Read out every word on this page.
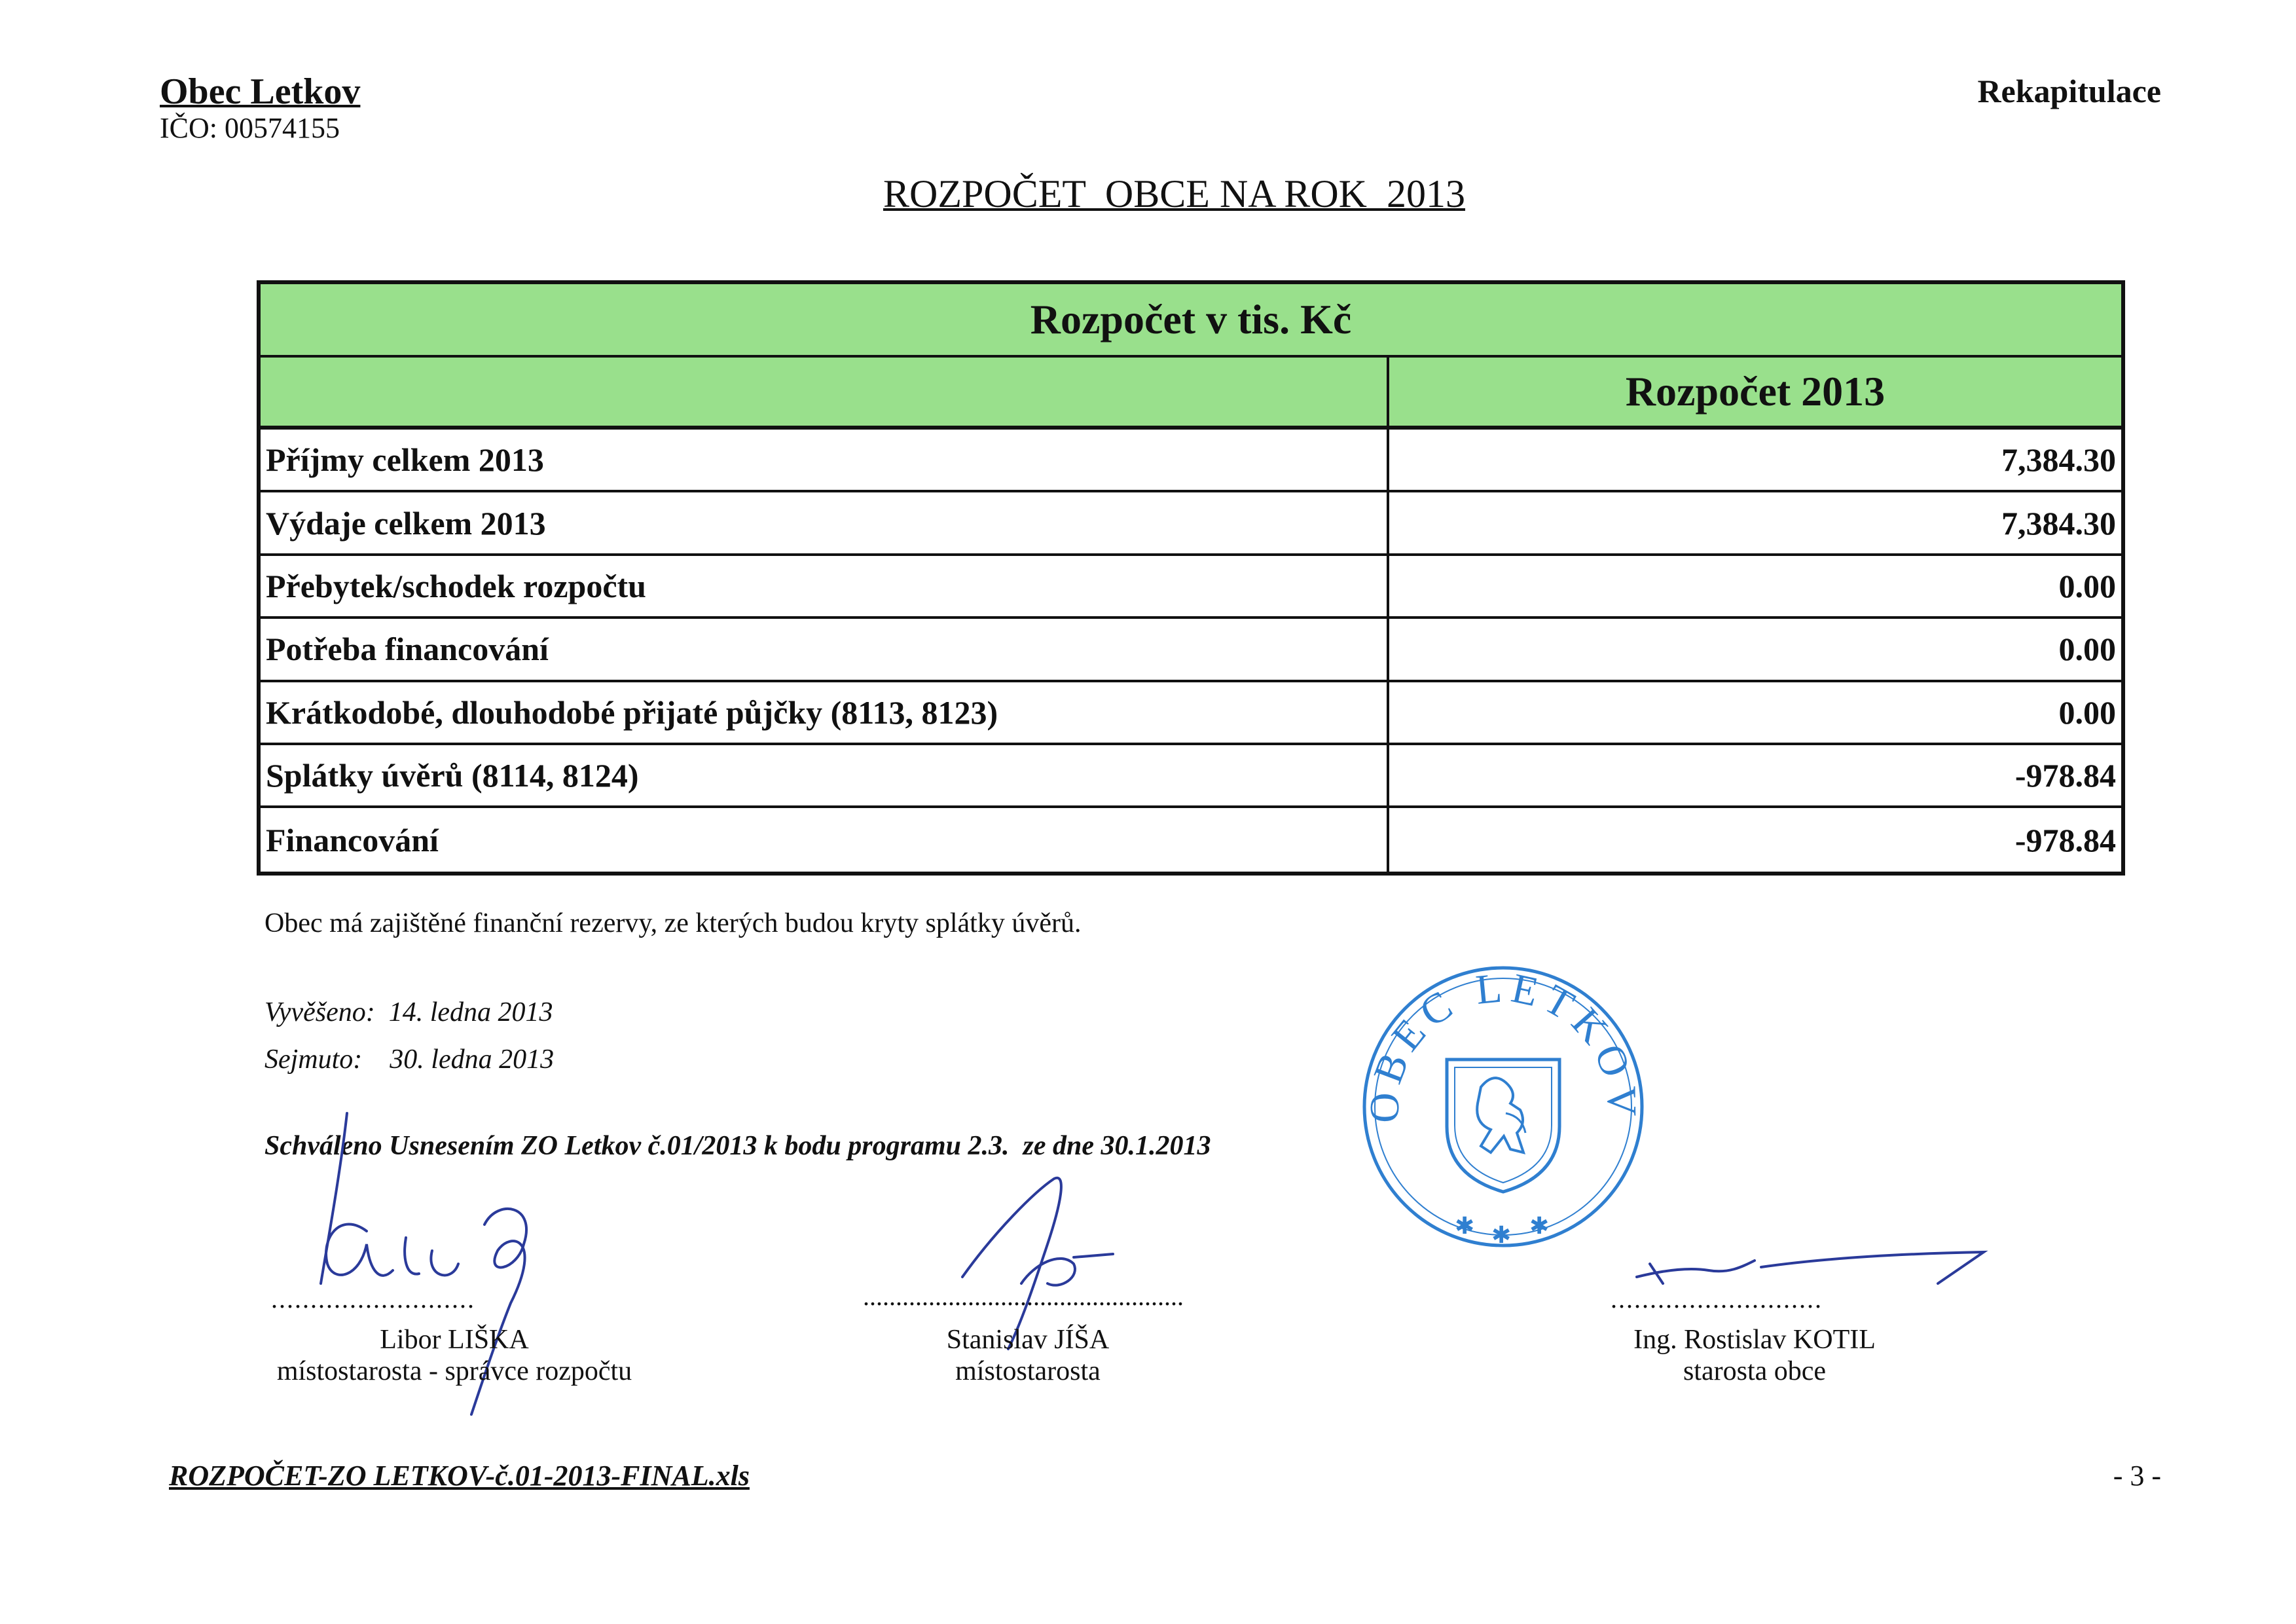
Obec Letkov
IČO: 00574155
Rekapitulace
ROZPOČET  OBCE NA ROK  2013
Rozpočet v tis. Kč
Rozpočet 2013
Příjmy celkem 2013	7,384.30
Výdaje celkem 2013	7,384.30
Přebytek/schodek rozpočtu	0.00
Potřeba financování	0.00
Krátkodobé, dlouhodobé přijaté půjčky (8113, 8123)	0.00
Splátky úvěrů (8114, 8124)	-978.84
Financování	-978.84
Obec má zajištěné finanční rezervy, ze kterých budou kryty splátky úvěrů.
Vyvěšeno:  14. ledna 2013
Sejmuto:    30. ledna 2013
Schváleno Usnesením ZO Letkov č.01/2013 k bodu programu 2.3.  ze dne 30.1.2013
OBEC LETKOV
✱ ✱ ✱
..........................
Libor LIŠKA
místostarosta - správce rozpočtu
.................................................
Stanislav JÍŠA
místostarosta
...........................
Ing. Rostislav KOTIL
starosta obce
ROZPOČET-ZO LETKOV-č.01-2013-FINAL.xls	- 3 -
